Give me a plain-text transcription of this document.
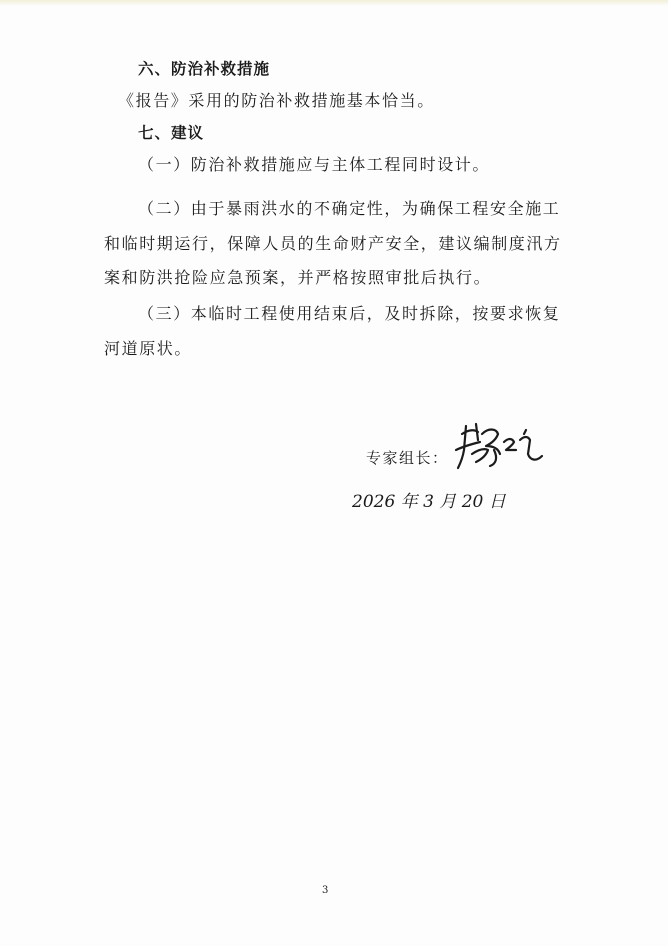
六、防治补救措施
《报告》采用的防治补救措施基本恰当。
七、建议
（一）防治补救措施应与主体工程同时设计。
（二）由于暴雨洪水的不确定性，为确保工程安全施工
和临时期运行，保障人员的生命财产安全，建议编制度汛方
案和防洪抢险应急预案，并严格按照审批后执行。
（三）本临时工程使用结束后，及时拆除，按要求恢复
河道原状。
专家组长：
2026 年 3 月 20 日
3
